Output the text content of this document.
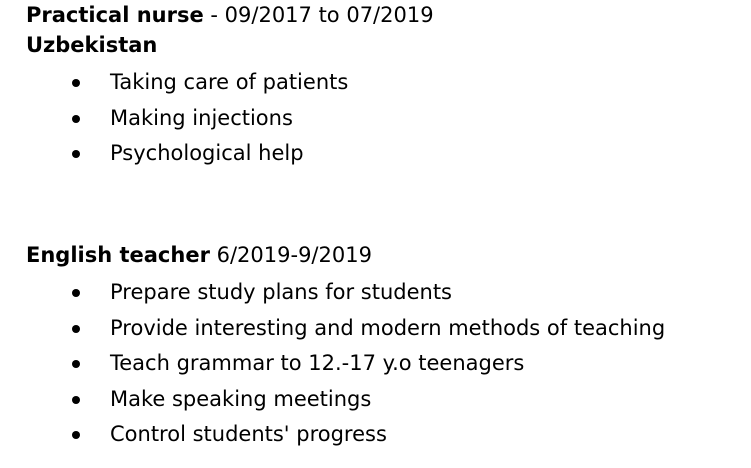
Practical nurse - 09/2017 to 07/2019

Uzbekistan

Taking care of patients
Making injections
Psychological help

English teacher 6/2019-9/2019

Prepare study plans for students
Provide interesting and modern methods of teaching
Teach grammar to 12.-17 y.o teenagers
Make speaking meetings
Control students' progress
